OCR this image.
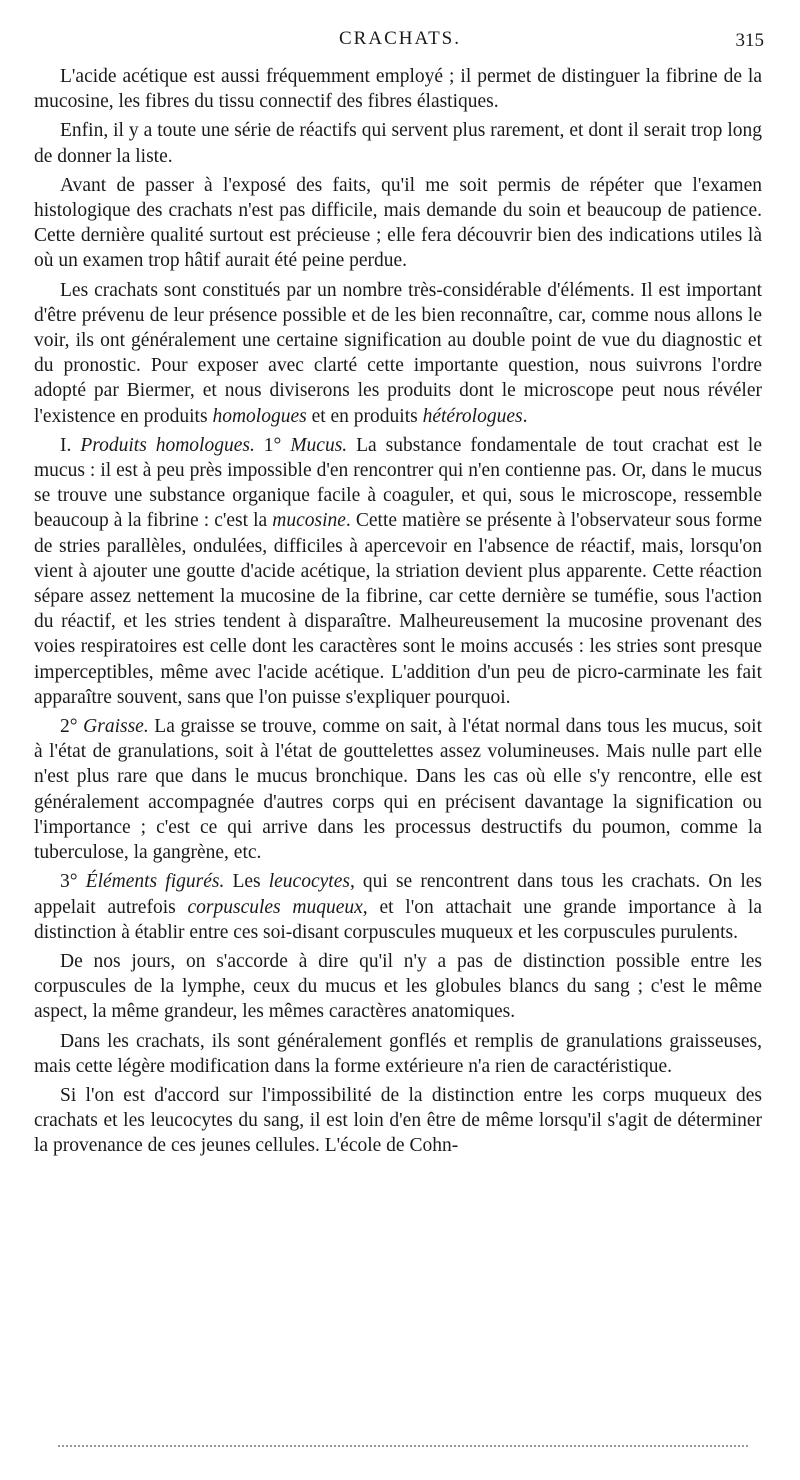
CRACHATS.	315

L'acide acétique est aussi fréquemment employé ; il permet de distinguer la fibrine de la mucosine, les fibres du tissu connectif des fibres élastiques.

Enfin, il y a toute une série de réactifs qui servent plus rarement, et dont il serait trop long de donner la liste.

Avant de passer à l'exposé des faits, qu'il me soit permis de répéter que l'examen histologique des crachats n'est pas difficile, mais demande du soin et beaucoup de patience. Cette dernière qualité surtout est précieuse ; elle fera découvrir bien des indications utiles là où un examen trop hâtif aurait été peine perdue.

Les crachats sont constitués par un nombre très-considérable d'éléments. Il est important d'être prévenu de leur présence possible et de les bien reconnaître, car, comme nous allons le voir, ils ont généralement une certaine signification au double point de vue du diagnostic et du pronostic. Pour exposer avec clarté cette importante question, nous suivrons l'ordre adopté par Biermer, et nous diviserons les produits dont le microscope peut nous révéler l'existence en produits homologues et en produits hétérologues.

I. Produits homologues. 1° Mucus. La substance fondamentale de tout crachat est le mucus : il est à peu près impossible d'en rencontrer qui n'en contienne pas. Or, dans le mucus se trouve une substance organique facile à coaguler, et qui, sous le microscope, ressemble beaucoup à la fibrine : c'est la mucosine. Cette matière se présente à l'observateur sous forme de stries parallèles, ondulées, difficiles à apercevoir en l'absence de réactif, mais, lorsqu'on vient à ajouter une goutte d'acide acétique, la striation devient plus apparente. Cette réaction sépare assez nettement la mucosine de la fibrine, car cette dernière se tuméfie, sous l'action du réactif, et les stries tendent à disparaître. Malheureusement la mucosine provenant des voies respiratoires est celle dont les caractères sont le moins accusés : les stries sont presque imperceptibles, même avec l'acide acétique. L'addition d'un peu de picro-carminate les fait apparaître souvent, sans que l'on puisse s'expliquer pourquoi.

2° Graisse. La graisse se trouve, comme on sait, à l'état normal dans tous les mucus, soit à l'état de granulations, soit à l'état de gouttelettes assez volumineuses. Mais nulle part elle n'est plus rare que dans le mucus bronchique. Dans les cas où elle s'y rencontre, elle est généralement accompagnée d'autres corps qui en précisent davantage la signification ou l'importance ; c'est ce qui arrive dans les processus destructifs du poumon, comme la tuberculose, la gangrène, etc.

3° Éléments figurés. Les leucocytes, qui se rencontrent dans tous les crachats. On les appelait autrefois corpuscules muqueux, et l'on attachait une grande importance à la distinction à établir entre ces soi-disant corpuscules muqueux et les corpuscules purulents.

De nos jours, on s'accorde à dire qu'il n'y a pas de distinction possible entre les corpuscules de la lymphe, ceux du mucus et les globules blancs du sang ; c'est le même aspect, la même grandeur, les mêmes caractères anatomiques.

Dans les crachats, ils sont généralement gonflés et remplis de granulations graisseuses, mais cette légère modification dans la forme extérieure n'a rien de caractéristique.

Si l'on est d'accord sur l'impossibilité de la distinction entre les corps muqueux des crachats et les leucocytes du sang, il est loin d'en être de même lorsqu'il s'agit de déterminer la provenance de ces jeunes cellules. L'école de Cohn-
